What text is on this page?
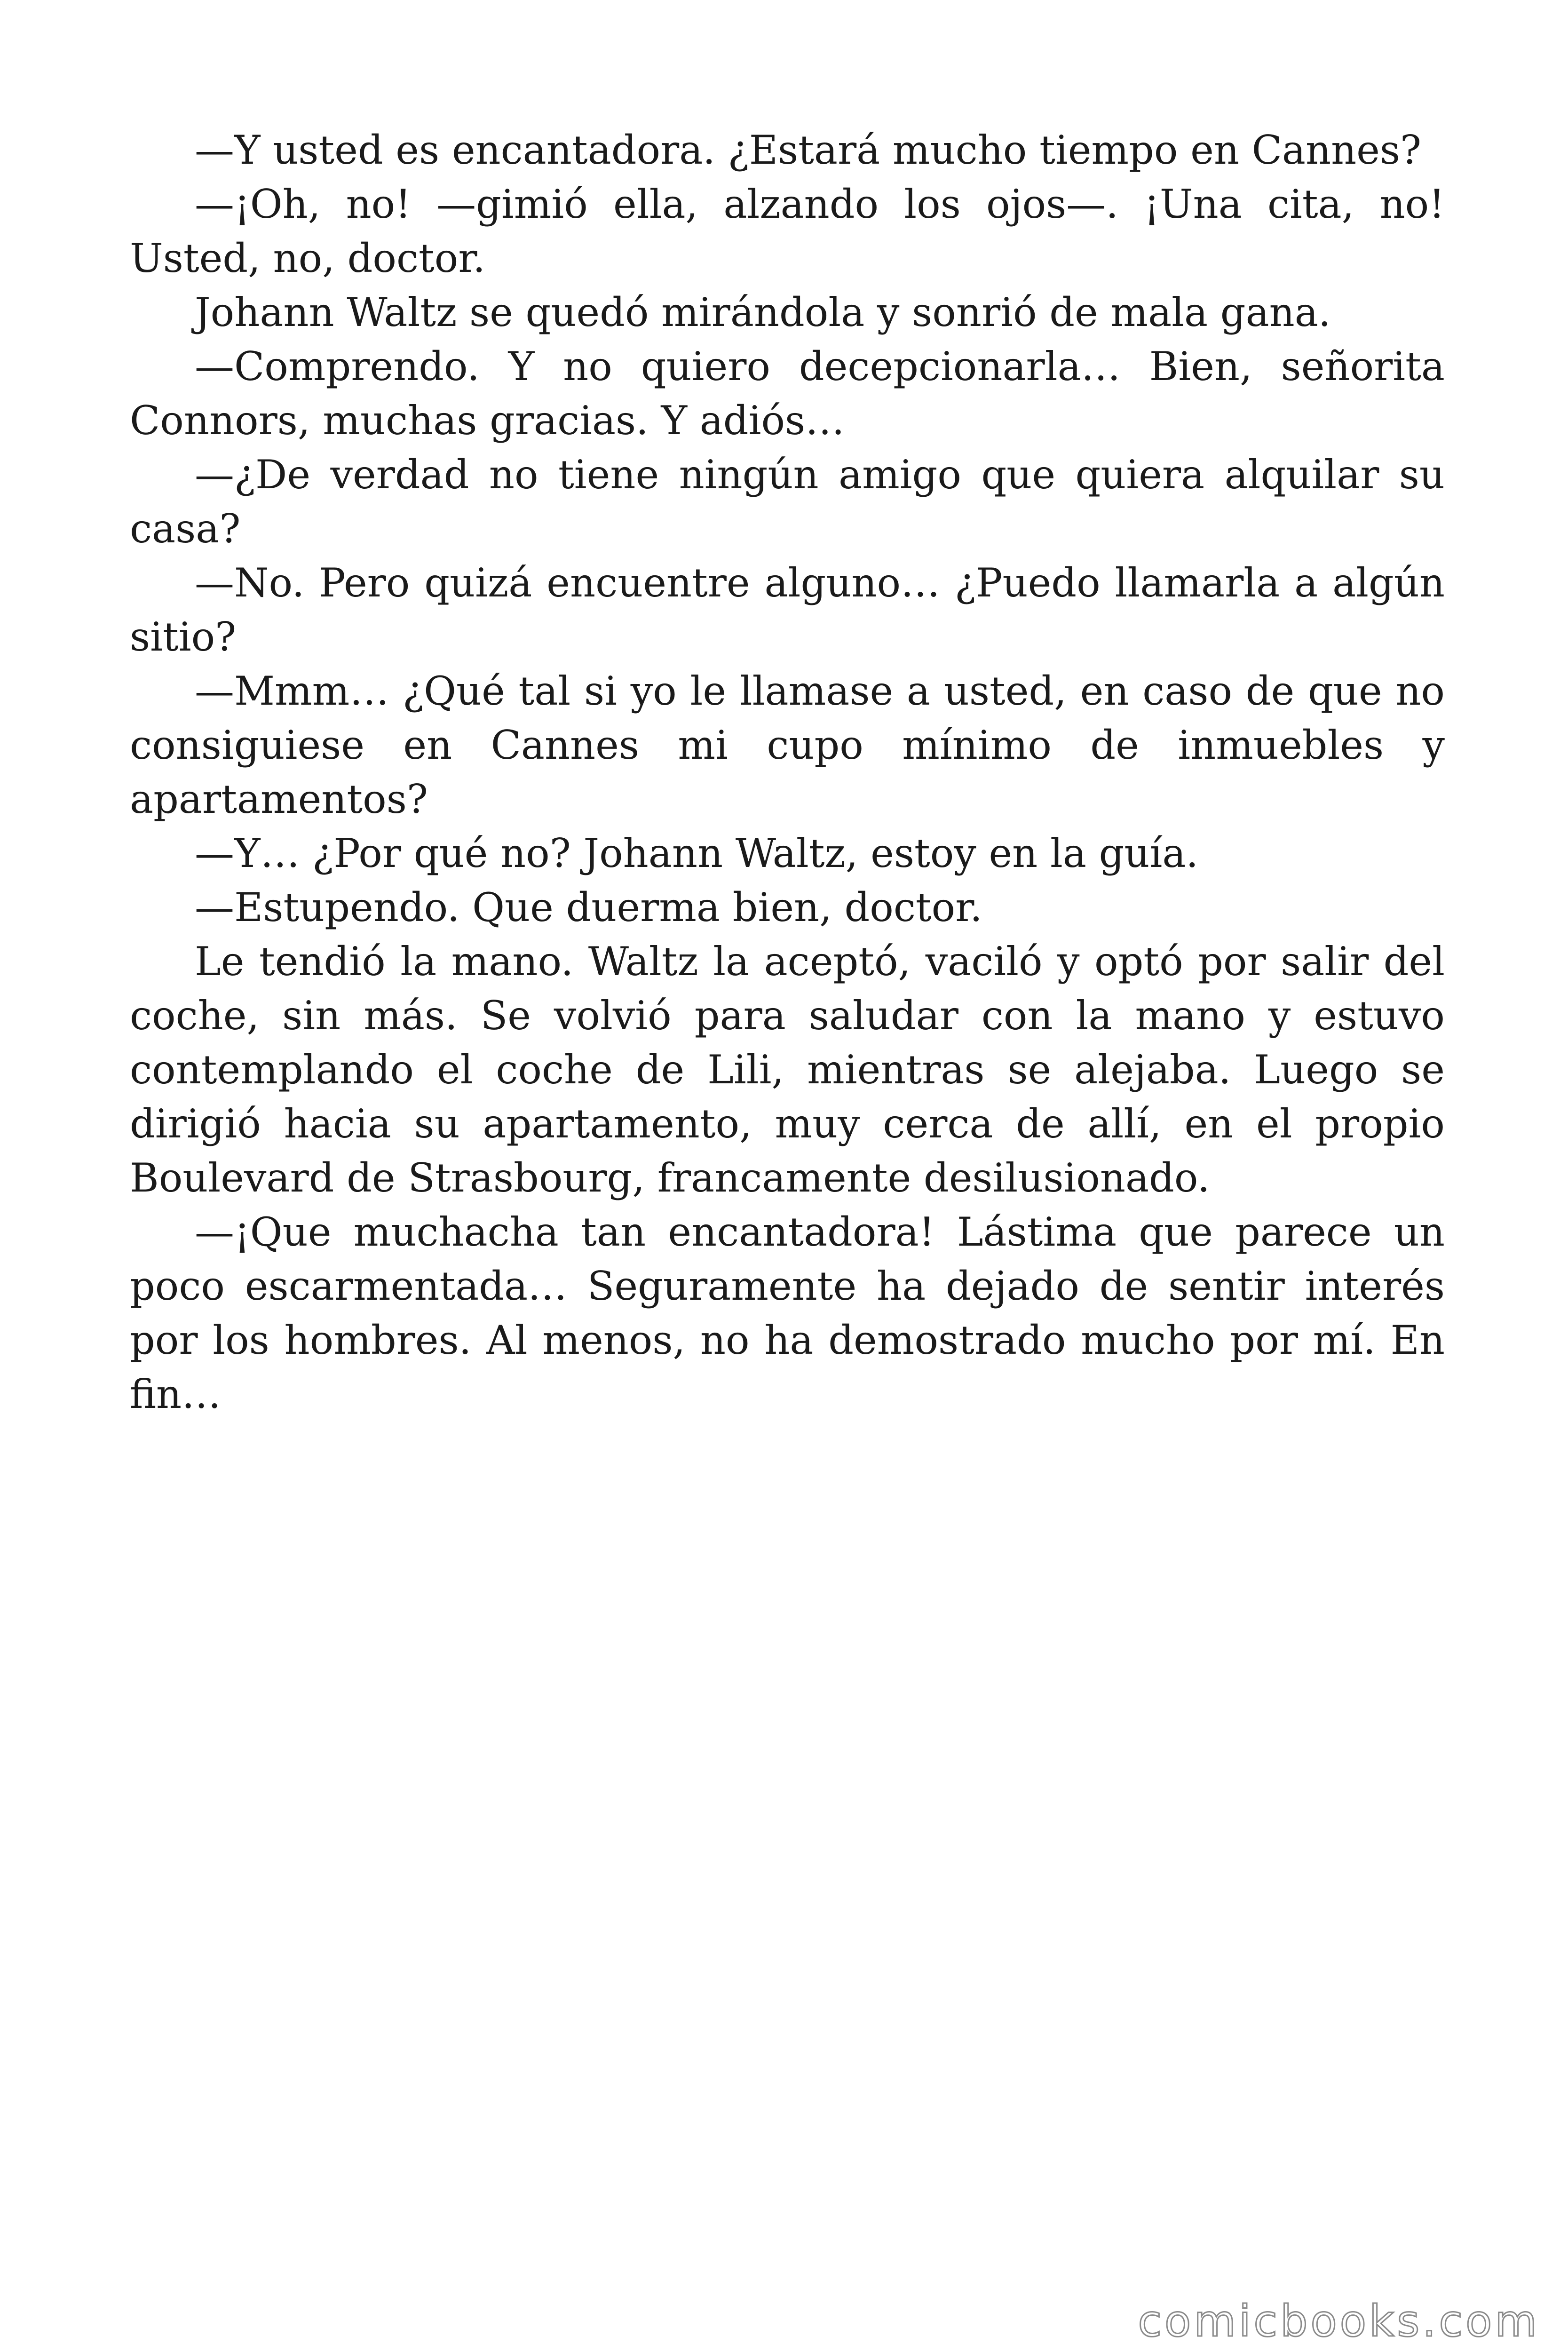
—Y usted es encantadora. ¿Estará mucho tiempo en Cannes?

—¡Oh, no! —gimió ella, alzando los ojos—. ¡Una cita, no! Usted, no, doctor.

Johann Waltz se quedó mirándola y sonrió de mala gana.

—Comprendo. Y no quiero decepcionarla… Bien, señorita Connors, muchas gracias. Y adiós…

—¿De verdad no tiene ningún amigo que quiera alquilar su casa?

—No. Pero quizá encuentre alguno… ¿Puedo llamarla a algún sitio?

—Mmm… ¿Qué tal si yo le llamase a usted, en caso de que no consiguiese en Cannes mi cupo mínimo de inmuebles y apartamentos?

—Y… ¿Por qué no? Johann Waltz, estoy en la guía.

—Estupendo. Que duerma bien, doctor.

Le tendió la mano. Waltz la aceptó, vaciló y optó por salir del coche, sin más. Se volvió para saludar con la mano y estuvo contemplando el coche de Lili, mientras se alejaba. Luego se dirigió hacia su apartamento, muy cerca de allí, en el propio Boulevard de Strasbourg, francamente desilusionado.

—¡Que muchacha tan encantadora! Lástima que parece un poco escarmentada… Seguramente ha dejado de sentir interés por los hombres. Al menos, no ha demostrado mucho por mí. En fin…

comicbooks.com
